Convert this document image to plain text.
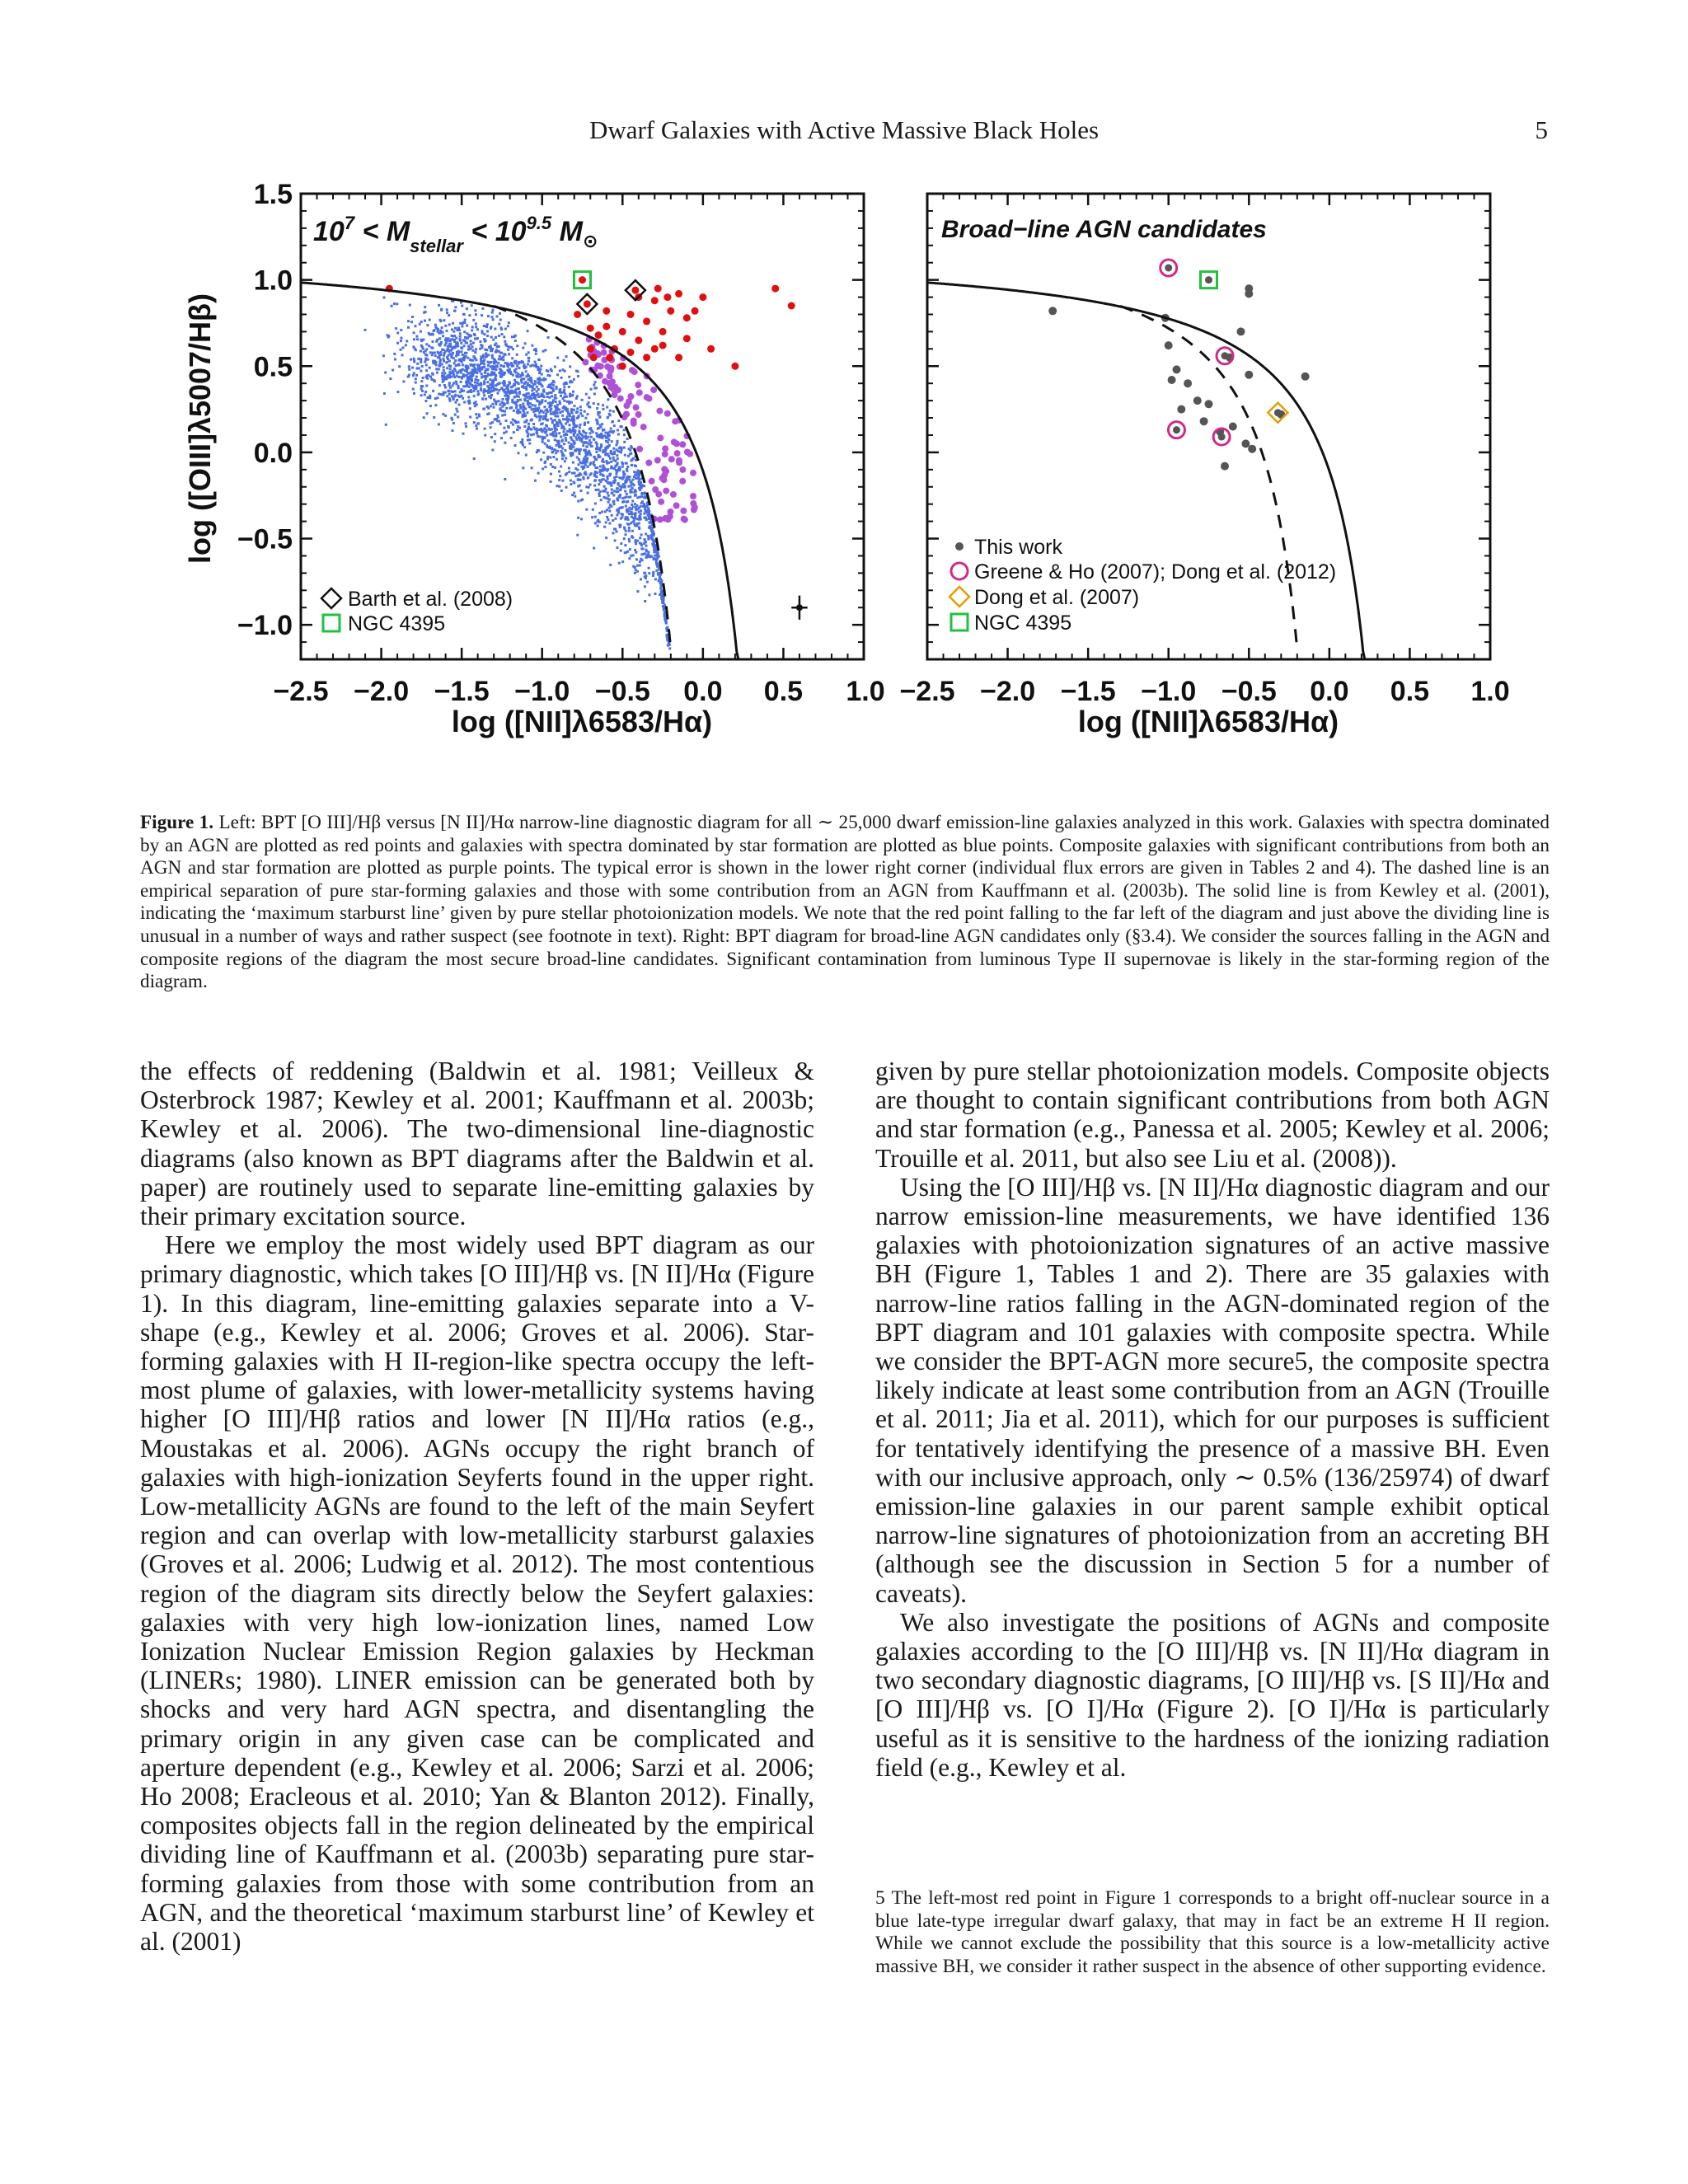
Dwarf Galaxies with Active Massive Black Holes	5
−2.5 −2.0 −1.5 −1.0 −0.5 0.0 0.5 1.0
1.5
1.0
0.5
0.0
−0.5
−1.0
−2.5 −2.0 −1.5 −1.0 −0.5 0.0 0.5 1.0
$10^7 < M_{stellar} < 10^{9.5}$ $M_⊙$	Broad−line AGN candidates
Barth et al. (2008)
NGC 4395
This work
Greene & Ho (2007); Dong et al. (2012)
Dong et al. (2007)
NGC 4395
log ([OIII]λ5007/Hβ)
log ([NII]λ6583/Hα)	log ([NII]λ6583/Hα)
Figure 1. Left: BPT [O III]/Hβ versus [N II]/Hα narrow-line diagnostic diagram for all ∼ 25,000 dwarf emission-line galaxies analyzed in this work. Galaxies with spectra dominated by an AGN are plotted as red points and galaxies with spectra dominated by star formation are plotted as blue points. Composite galaxies with significant contributions from both an AGN and star formation are plotted as purple points. The typical error is shown in the lower right corner (individual flux errors are given in Tables 2 and 4). The dashed line is an empirical separation of pure star-forming galaxies and those with some contribution from an AGN from Kauffmann et al. (2003b). The solid line is from Kewley et al. (2001), indicating the ‘maximum starburst line’ given by pure stellar photoionization models. We note that the red point falling to the far left of the diagram and just above the dividing line is unusual in a number of ways and rather suspect (see footnote in text). Right: BPT diagram for broad-line AGN candidates only (§3.4). We consider the sources falling in the AGN and composite regions of the diagram the most secure broad-line candidates. Significant contamination from luminous Type II supernovae is likely in the star-forming region of the diagram.

the effects of reddening (Baldwin et al. 1981; Veilleux & Osterbrock 1987; Kewley et al. 2001; Kauffmann et al. 2003b; Kewley et al. 2006). The two-dimensional line-diagnostic diagrams (also known as BPT diagrams after the Baldwin et al. paper) are routinely used to separate line-emitting galaxies by their primary excitation source.

Here we employ the most widely used BPT diagram as our primary diagnostic, which takes [O III]/Hβ vs. [N II]/Hα (Figure 1). In this diagram, line-emitting galaxies separate into a V-shape (e.g., Kewley et al. 2006; Groves et al. 2006). Star-forming galaxies with H II-region-like spectra occupy the left-most plume of galaxies, with lower-metallicity systems having higher [O III]/Hβ ratios and lower [N II]/Hα ratios (e.g., Moustakas et al. 2006). AGNs occupy the right branch of galaxies with high-ionization Seyferts found in the upper right. Low-metallicity AGNs are found to the left of the main Seyfert region and can overlap with low-metallicity starburst galaxies (Groves et al. 2006; Ludwig et al. 2012). The most contentious region of the diagram sits directly below the Seyfert galaxies: galaxies with very high low-ionization lines, named Low Ionization Nuclear Emission Region galaxies by Heckman (LINERs; 1980). LINER emission can be generated both by shocks and very hard AGN spectra, and disentangling the primary origin in any given case can be complicated and aperture dependent (e.g., Kewley et al. 2006; Sarzi et al. 2006; Ho 2008; Eracleous et al. 2010; Yan & Blanton 2012). Finally, composites objects fall in the region delineated by the empirical dividing line of Kauffmann et al. (2003b) separating pure star-forming galaxies from those with some contribution from an AGN, and the theoretical ‘maximum starburst line’ of Kewley et al. (2001)

given by pure stellar photoionization models. Composite objects are thought to contain significant contributions from both AGN and star formation (e.g., Panessa et al. 2005; Kewley et al. 2006; Trouille et al. 2011, but also see Liu et al. (2008)).

Using the [O III]/Hβ vs. [N II]/Hα diagnostic diagram and our narrow emission-line measurements, we have identified 136 galaxies with photoionization signatures of an active massive BH (Figure 1, Tables 1 and 2). There are 35 galaxies with narrow-line ratios falling in the AGN-dominated region of the BPT diagram and 101 galaxies with composite spectra. While we consider the BPT-AGN more secure5, the composite spectra likely indicate at least some contribution from an AGN (Trouille et al. 2011; Jia et al. 2011), which for our purposes is sufficient for tentatively identifying the presence of a massive BH. Even with our inclusive approach, only ∼ 0.5% (136/25974) of dwarf emission-line galaxies in our parent sample exhibit optical narrow-line signatures of photoionization from an accreting BH (although see the discussion in Section 5 for a number of caveats).

We also investigate the positions of AGNs and composite galaxies according to the [O III]/Hβ vs. [N II]/Hα diagram in two secondary diagnostic diagrams, [O III]/Hβ vs. [S II]/Hα and [O III]/Hβ vs. [O I]/Hα (Figure 2). [O I]/Hα is particularly useful as it is sensitive to the hardness of the ionizing radiation field (e.g., Kewley et al.

5 The left-most red point in Figure 1 corresponds to a bright off-nuclear source in a blue late-type irregular dwarf galaxy, that may in fact be an extreme H II region. While we cannot exclude the possibility that this source is a low-metallicity active massive BH, we consider it rather suspect in the absence of other supporting evidence.
